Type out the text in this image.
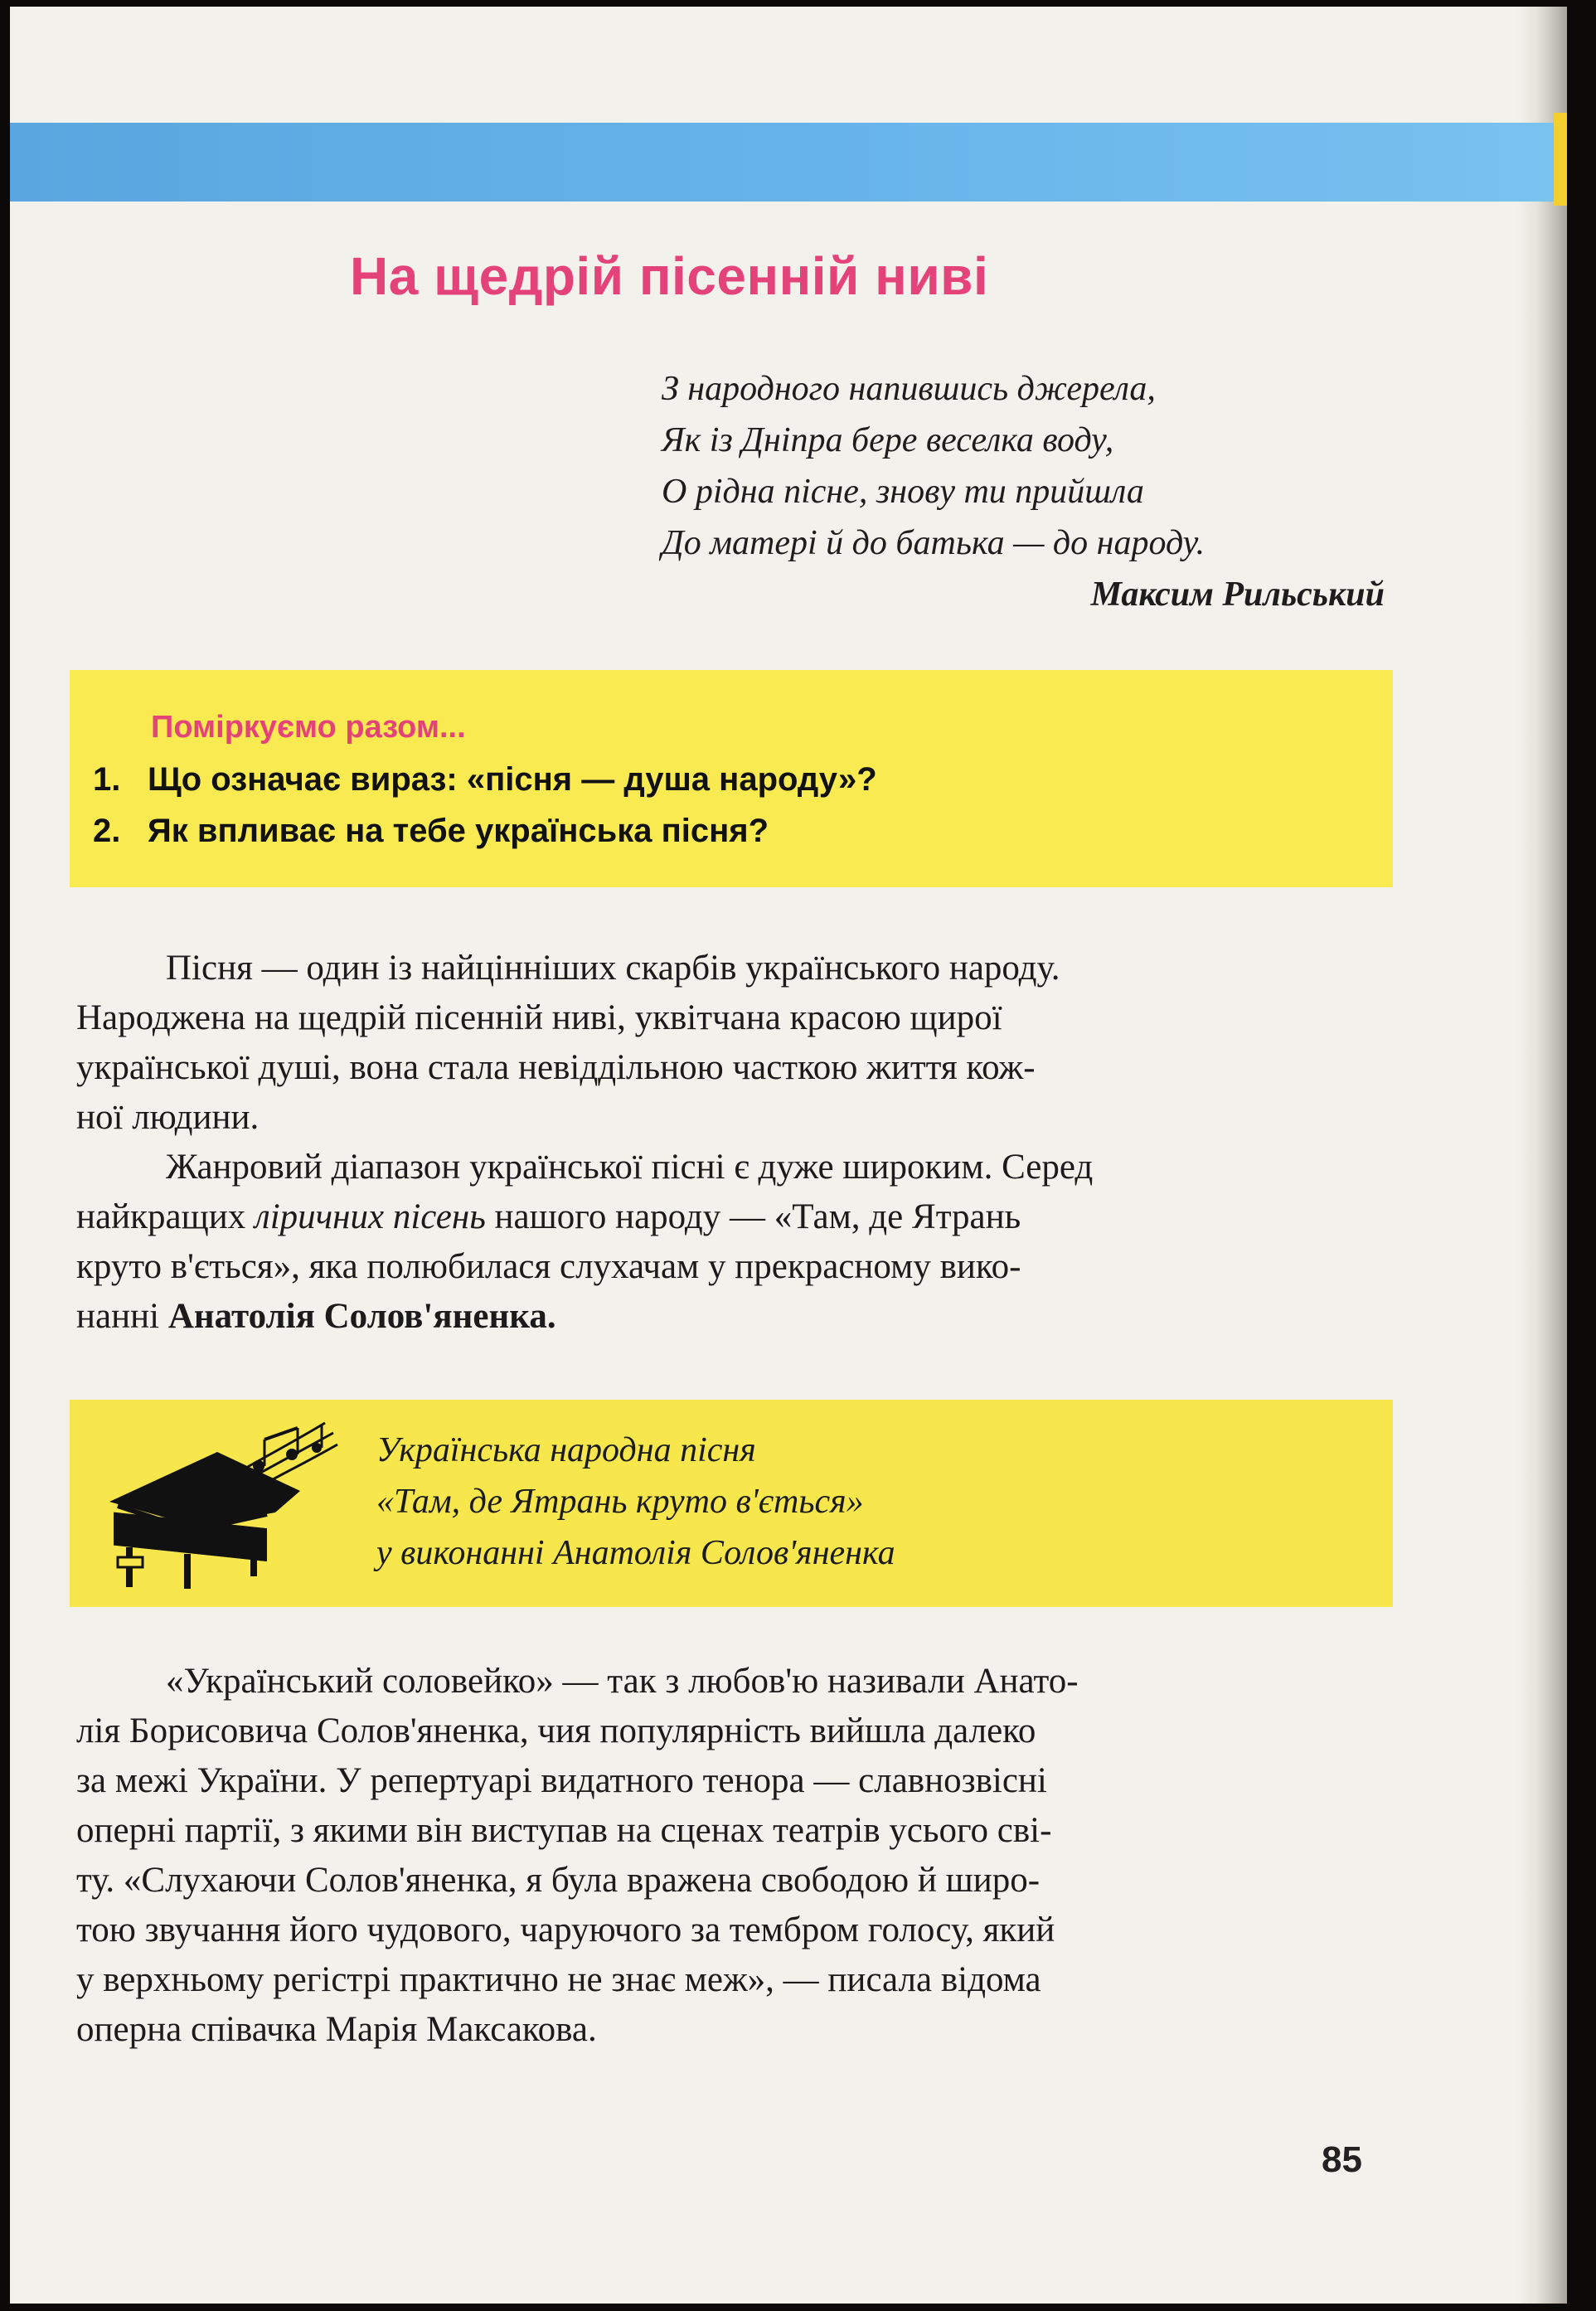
На щедрій пісенній ниві
З народного напившись джерела,
Як із Дніпра бере веселка воду,
О рідна пісне, знову ти прийшла
До матері й до батька — до народу.
Максим Рильський
Поміркуємо разом...
1. Що означає вираз: «пісня — душа народу»?
2. Як впливає на тебе українська пісня?

Пісня — один із найцінніших скарбів українського народу.

Народжена на щедрій пісенній ниві, уквітчана красою щирої
української душі, вона стала невіддільною часткою життя кож-
ної людини.

Жанровий діапазон української пісні є дуже широким. Серед

найкращих ліричних пісень нашого народу — «Там, де Ятрань
круто в'ється», яка полюбилася слухачам у прекрасному вико-
нанні Анатолія Солов'яненка.
Українська народна пісня
«Там, де Ятрань круто в'ється»
у виконанні Анатолія Солов'яненка

«Український соловейко» — так з любов'ю називали Анато-

лія Борисовича Солов'яненка, чия популярність вийшла далеко
за межі України. У репертуарі видатного тенора — славнозвісні
оперні партії, з якими він виступав на сценах театрів усього сві-
ту. «Слухаючи Солов'яненка, я була вражена свободою й широ-
тою звучання його чудового, чаруючого за тембром голосу, який
у верхньому регістрі практично не знає меж», — писала відома
оперна співачка Марія Максакова.
85
